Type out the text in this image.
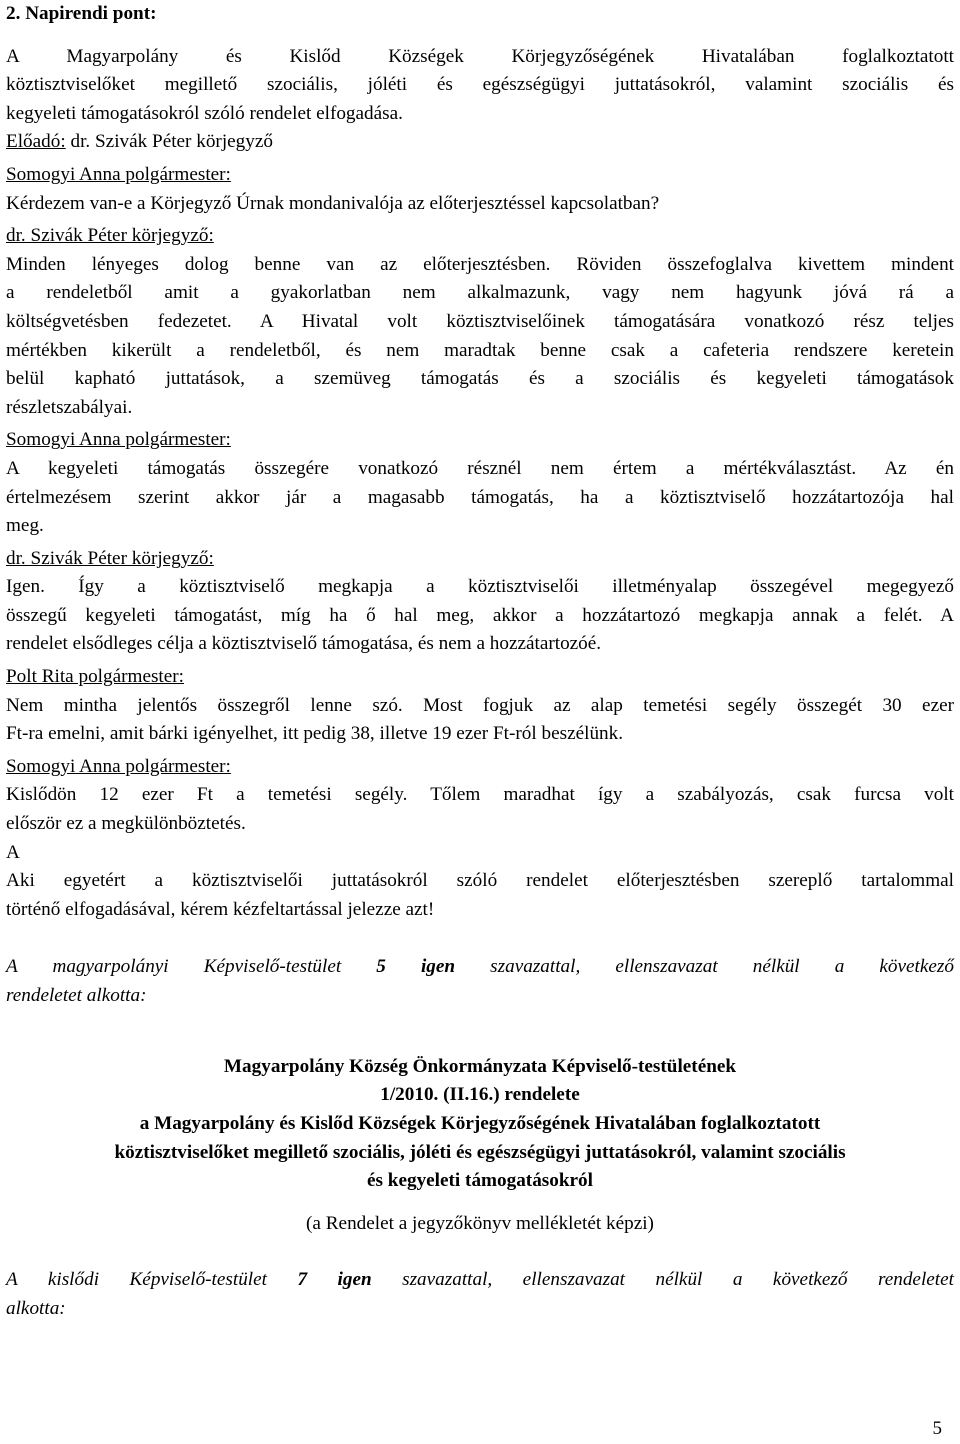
2. Napirendi pont:

A Magyarpolány és Kislőd Községek Körjegyzőségének Hivatalában foglalkoztatott

köztisztviselőket megillető szociális, jóléti és egészségügyi juttatásokról, valamint szociális és

kegyeleti támogatásokról szóló rendelet elfogadása.

Előadó: dr. Szivák Péter körjegyző

Somogyi Anna polgármester:

Kérdezem van-e a Körjegyző Úrnak mondanivalója az előterjesztéssel kapcsolatban?

dr. Szivák Péter körjegyző:

Minden lényeges dolog benne van az előterjesztésben. Röviden összefoglalva kivettem mindent

a rendeletből amit a gyakorlatban nem alkalmazunk, vagy nem hagyunk jóvá rá a

költségvetésben fedezetet. A Hivatal volt köztisztviselőinek támogatására vonatkozó rész teljes

mértékben kikerült a rendeletből, és nem maradtak benne csak a cafeteria rendszere keretein

belül kapható juttatások, a szemüveg támogatás és a szociális és kegyeleti támogatások

részletszabályai.

Somogyi Anna polgármester:

A kegyeleti támogatás összegére vonatkozó résznél nem értem a mértékválasztást. Az én

értelmezésem szerint akkor jár a magasabb támogatás, ha a köztisztviselő hozzátartozója hal

meg.

dr. Szivák Péter körjegyző:

Igen. Így a köztisztviselő megkapja a köztisztviselői illetményalap összegével megegyező

összegű kegyeleti támogatást, míg ha ő hal meg, akkor a hozzátartozó megkapja annak a felét. A

rendelet elsődleges célja a köztisztviselő támogatása, és nem a hozzátartozóé.

Polt Rita polgármester:

Nem mintha jelentős összegről lenne szó. Most fogjuk az alap temetési segély összegét 30 ezer

Ft-ra emelni, amit bárki igényelhet, itt pedig 38, illetve 19 ezer Ft-ról beszélünk.

Somogyi Anna polgármester:

Kislődön 12 ezer Ft a temetési segély. Tőlem maradhat így a szabályozás, csak furcsa volt

először ez a megkülönböztetés.

A

Aki egyetért a köztisztviselői juttatásokról szóló rendelet előterjesztésben szereplő tartalommal

történő elfogadásával, kérem kézfeltartással jelezze azt!

A magyarpolányi Képviselő-testület 5 igen szavazattal, ellenszavazat nélkül a következő

rendeletet alkotta:

Magyarpolány Község Önkormányzata Képviselő-testületének

1/2010. (II.16.) rendelete

a Magyarpolány és Kislőd Községek Körjegyzőségének Hivatalában foglalkoztatott

köztisztviselőket megillető szociális, jóléti és egészségügyi juttatásokról, valamint szociális

és kegyeleti támogatásokról

(a Rendelet a jegyzőkönyv mellékletét képzi)

A kislődi Képviselő-testület 7 igen szavazattal, ellenszavazat nélkül a következő rendeletet

alkotta:

5
